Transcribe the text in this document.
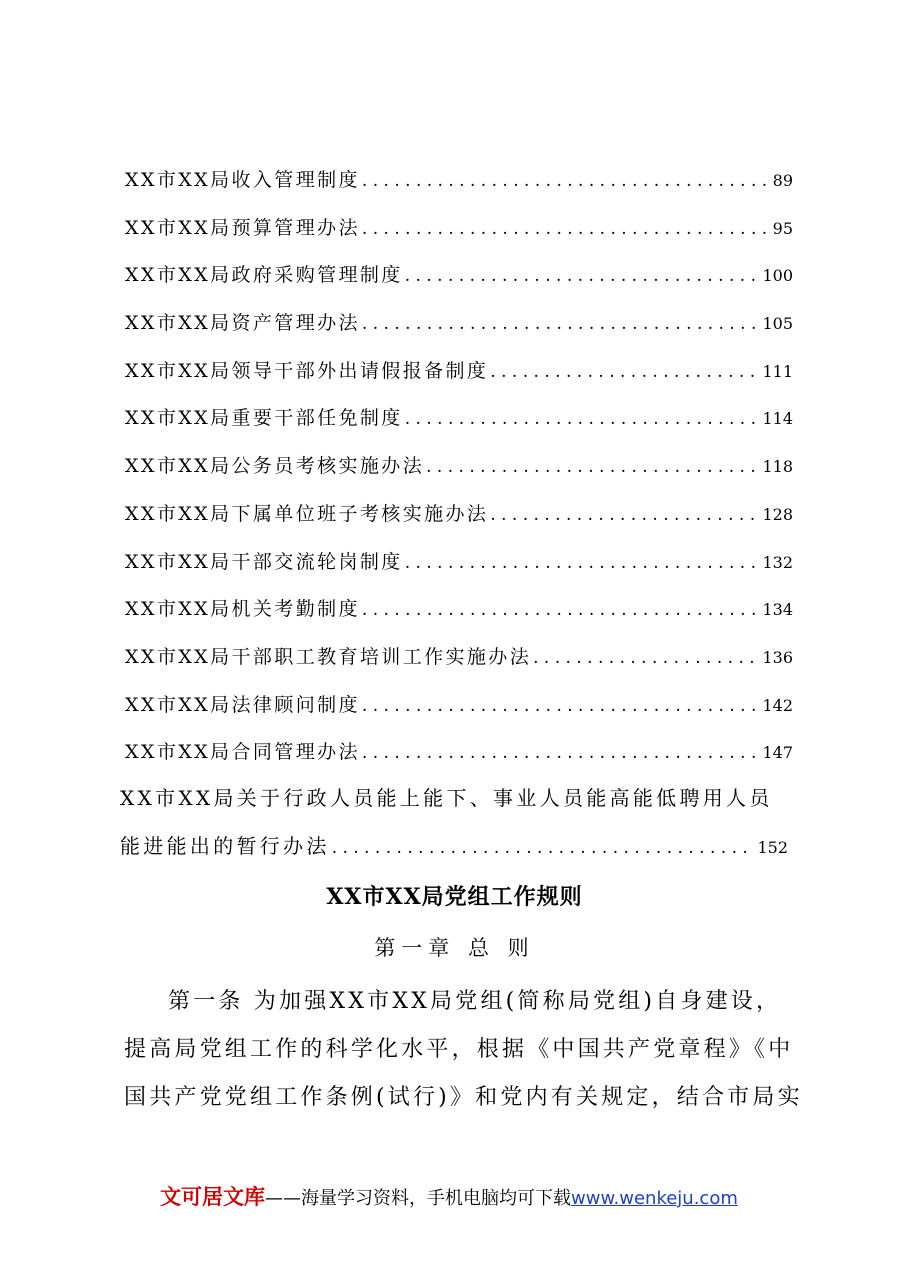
XX市XX局收入管理制度 . . .	89
XX市XX局预算管理办法 . . .	95
XX市XX局政府采购管理制度 . . .	100
XX市XX局资产管理办法 . . .	105
XX市XX局领导干部外出请假报备制度 . . .	111
XX市XX局重要干部任免制度 . . .	114
XX市XX局公务员考核实施办法 . . .	118
XX市XX局下属单位班子考核实施办法 . . .	128
XX市XX局干部交流轮岗制度 . . .	132
XX市XX局机关考勤制度 . . .	134
XX市XX局干部职工教育培训工作实施办法 . . .	136
XX市XX局法律顾问制度 . . .	142
XX市XX局合同管理办法 . . .	147
XX市XX局关于行政人员能上能下、事业人员能高能低聘用人员
能进能出的暂行办法 . . .	152
XX市XX局党组工作规则
第一章 总 则
第一条 为加强XX市XX局党组(简称局党组)自身建设，
提高局党组工作的科学化水平，根据《中国共产党章程》《中
国共产党党组工作条例(试行)》和党内有关规定，结合市局实
文可居文库——海量学习资料，手机电脑均可下载www.wenkeju.com
